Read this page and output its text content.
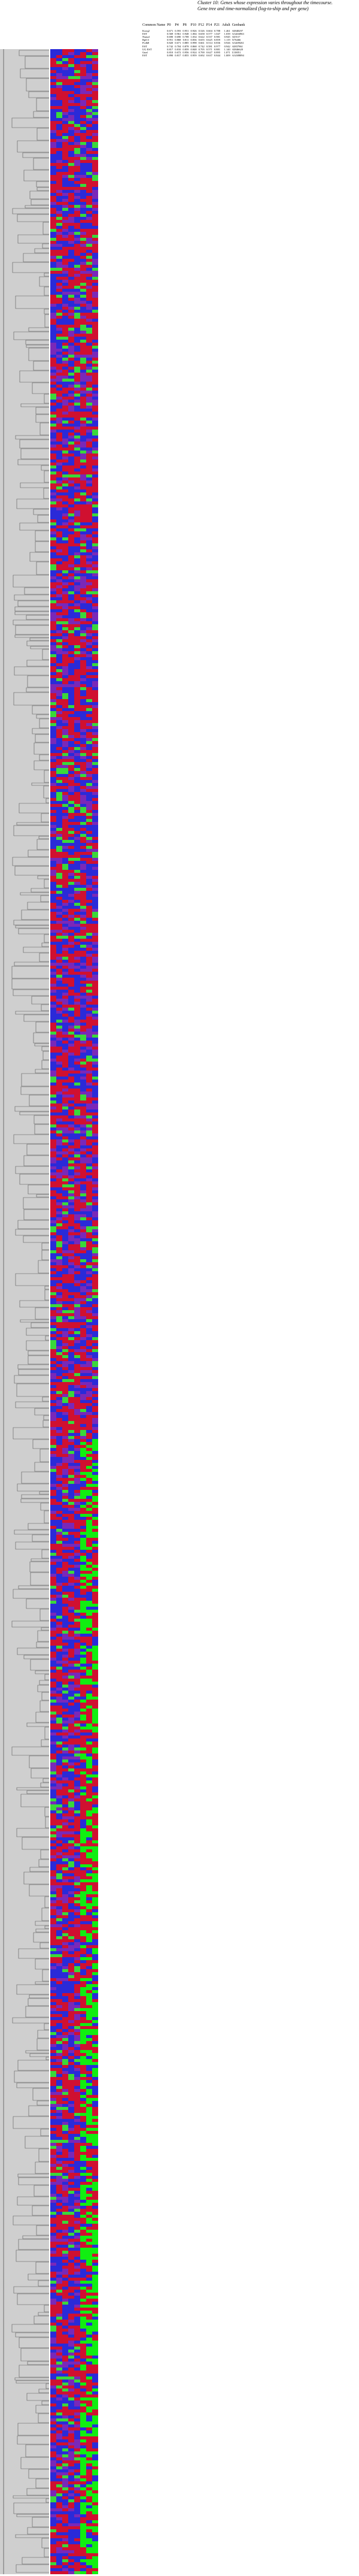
Cluster 10: Genes whose expression varies throughout the timecourse.
Gene tree and time-normalized (log-to-ship and per gene)
Common Name	P0	P4	P8	P10	P12	P14	P21	Adult	Genbank
Kcnq2	0.671	0.593	0.951	0.926	0.526	0.604	0.788	1.461	AI848297
EST	0.569	0.961	0.948	1.004	0.658	0.577	1.047	1.039	AA404963
Nsmaf	0.690	0.690	0.708	1.034	0.622	0.537	0.981	0.945	AI5517
Rpl13	0.951	0.868	0.811	0.836	0.655	0.625	0.859	1.119	X76466
Pcdh8	0.820	0.671	0.885	0.998	0.661	0.514	0.836	0.926	AA409261
EST	0.742	0.704	0.878	0.868	0.742	0.581	0.977	0.942	AI837861
UG EST	0.817	0.810	0.859	0.848	0.705	0.571	0.881	1.140	AI846620
Gnal	0.810	0.672	0.956	0.924	0.700	0.627	0.895	1.071	U10051
EST	0.890	0.817	0.855	0.959	0.692	0.637	0.844	1.009	AA388094
